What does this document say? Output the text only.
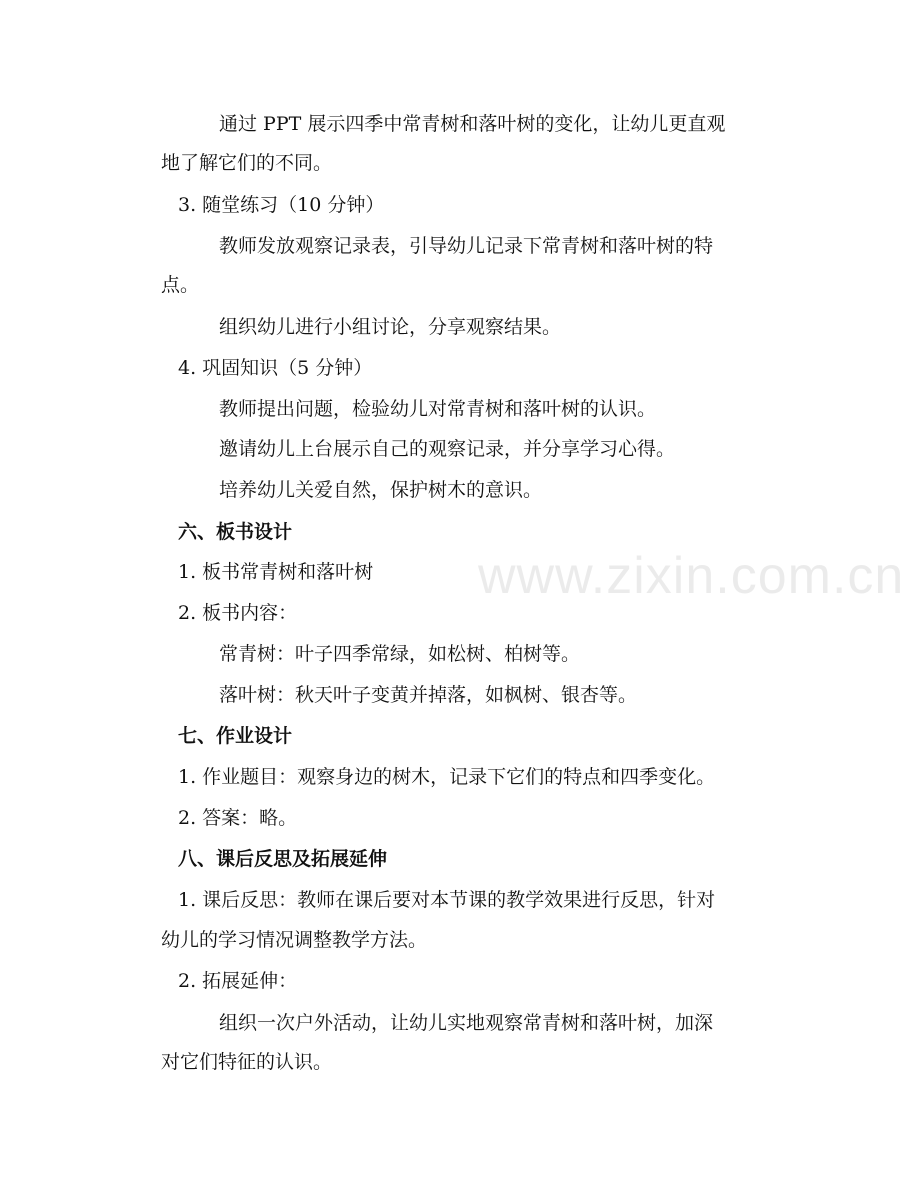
www.zixin.com.cn
通过 PPT 展示四季中常青树和落叶树的变化，让幼儿更直观
地了解它们的不同。
3. 随堂练习（10 分钟）
教师发放观察记录表，引导幼儿记录下常青树和落叶树的特
点。
组织幼儿进行小组讨论，分享观察结果。
4. 巩固知识（5 分钟）
教师提出问题，检验幼儿对常青树和落叶树的认识。
邀请幼儿上台展示自己的观察记录，并分享学习心得。
培养幼儿关爱自然，保护树木的意识。
六、板书设计
1. 板书常青树和落叶树
2. 板书内容：
常青树：叶子四季常绿，如松树、柏树等。
落叶树：秋天叶子变黄并掉落，如枫树、银杏等。
七、作业设计
1. 作业题目：观察身边的树木，记录下它们的特点和四季变化。
2. 答案：略。
八、课后反思及拓展延伸
1. 课后反思：教师在课后要对本节课的教学效果进行反思，针对
幼儿的学习情况调整教学方法。
2. 拓展延伸：
组织一次户外活动，让幼儿实地观察常青树和落叶树，加深
对它们特征的认识。
